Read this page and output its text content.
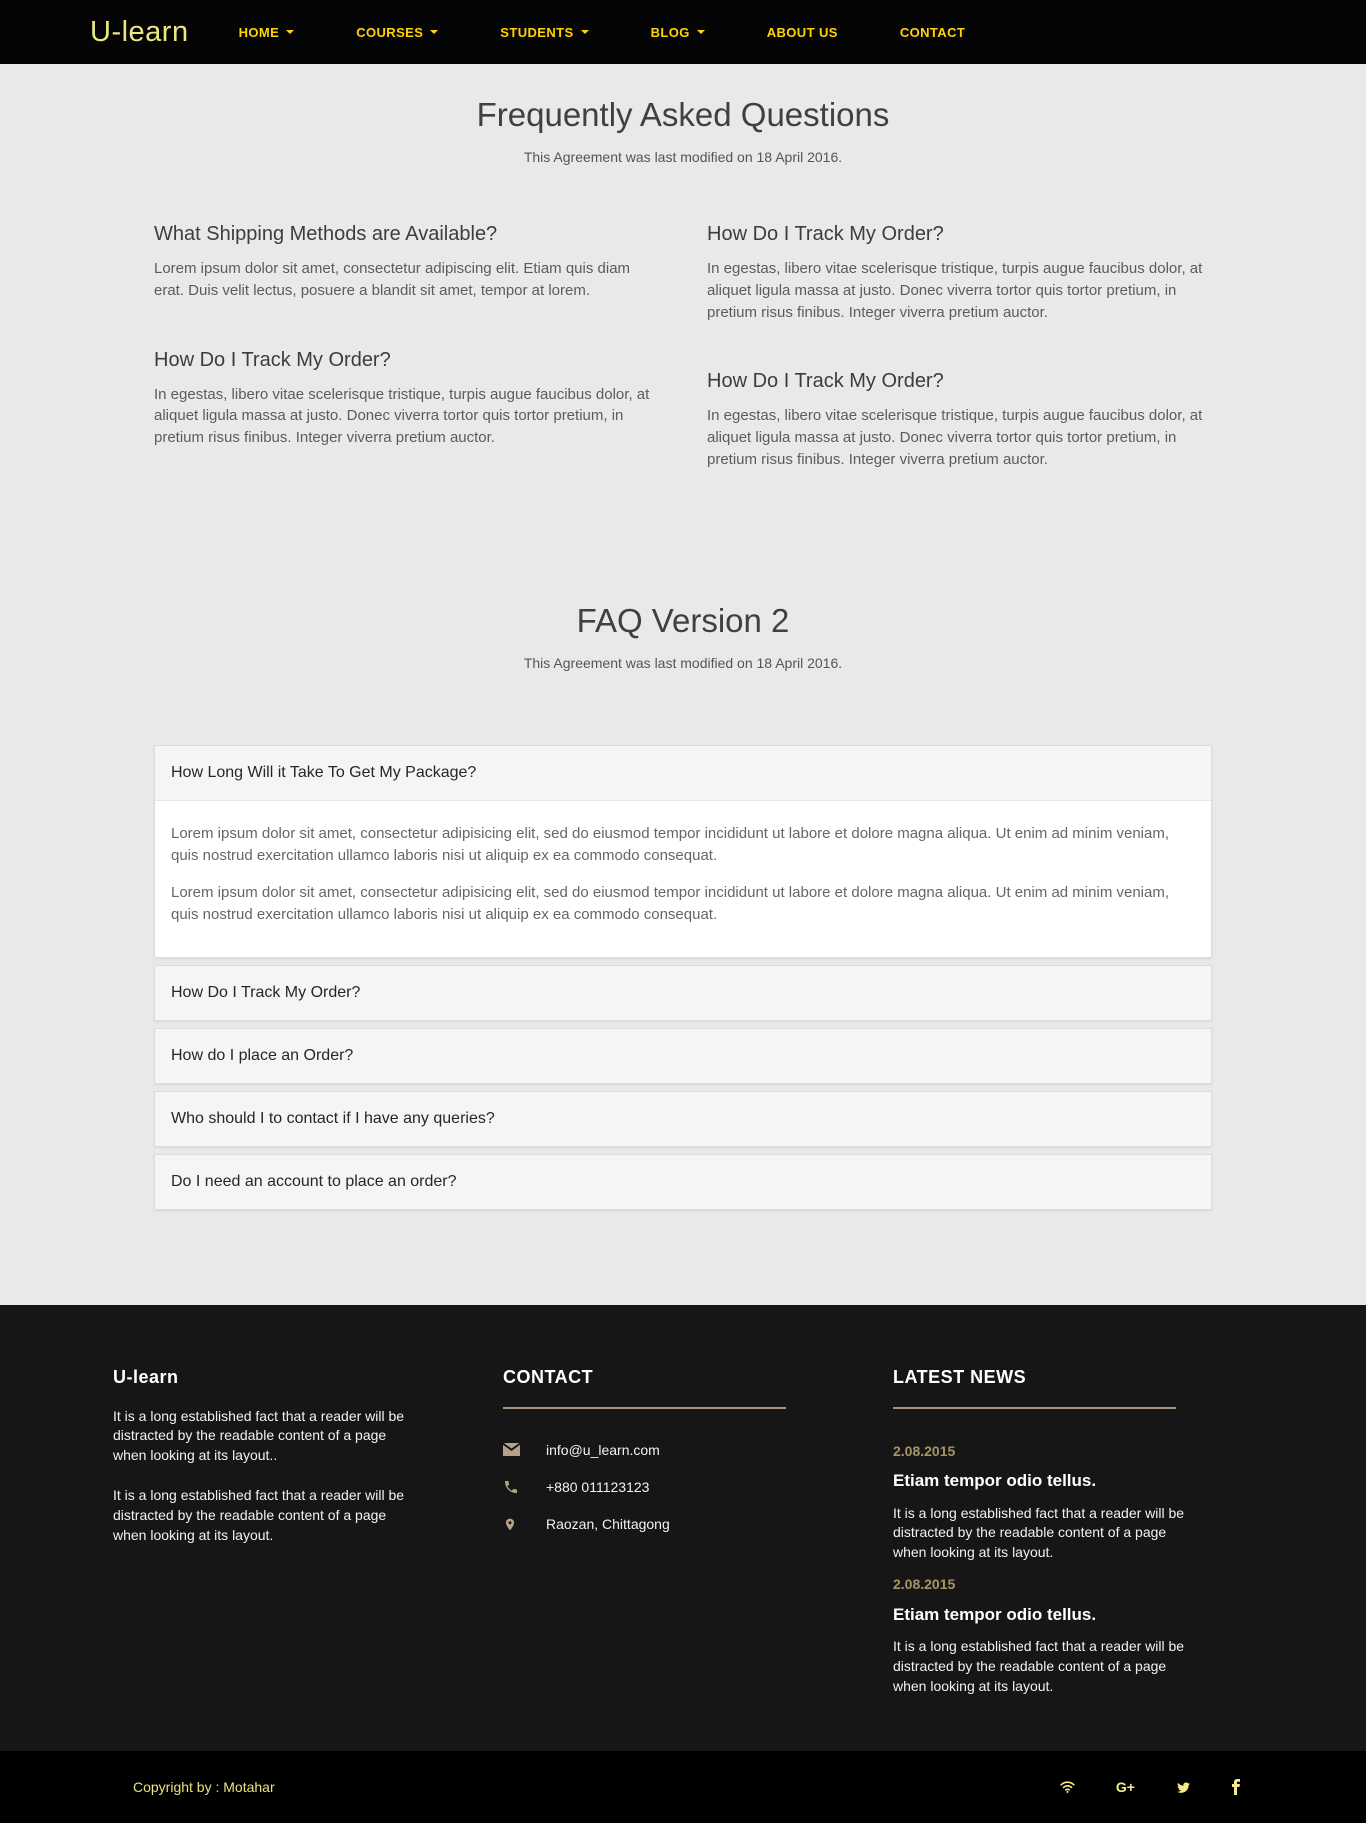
U-learn	HOME	COURSES	STUDENTS	BLOG	ABOUT US	CONTACT
Frequently Asked Questions

This Agreement was last modified on 18 April 2016.

What Shipping Methods are Available?

Lorem ipsum dolor sit amet, consectetur adipiscing elit. Etiam quis diam erat. Duis velit lectus, posuere a blandit sit amet, tempor at lorem.

How Do I Track My Order?

In egestas, libero vitae scelerisque tristique, turpis augue faucibus dolor, at aliquet ligula massa at justo. Donec viverra tortor quis tortor pretium, in pretium risus finibus. Integer viverra pretium auctor.

How Do I Track My Order?

In egestas, libero vitae scelerisque tristique, turpis augue faucibus dolor, at aliquet ligula massa at justo. Donec viverra tortor quis tortor pretium, in pretium risus finibus. Integer viverra pretium auctor.

How Do I Track My Order?

In egestas, libero vitae scelerisque tristique, turpis augue faucibus dolor, at aliquet ligula massa at justo. Donec viverra tortor quis tortor pretium, in pretium risus finibus. Integer viverra pretium auctor.

FAQ Version 2

This Agreement was last modified on 18 April 2016.

How Long Will it Take To Get My Package?

Lorem ipsum dolor sit amet, consectetur adipisicing elit, sed do eiusmod tempor incididunt ut labore et dolore magna aliqua. Ut enim ad minim veniam, quis nostrud exercitation ullamco laboris nisi ut aliquip ex ea commodo consequat.

Lorem ipsum dolor sit amet, consectetur adipisicing elit, sed do eiusmod tempor incididunt ut labore et dolore magna aliqua. Ut enim ad minim veniam, quis nostrud exercitation ullamco laboris nisi ut aliquip ex ea commodo consequat.

How Do I Track My Order?
How do I place an Order?
Who should I to contact if I have any queries?
Do I need an account to place an order?
U-learn

It is a long established fact that a reader will be distracted by the readable content of a page when looking at its layout..

It is a long established fact that a reader will be distracted by the readable content of a page when looking at its layout.

CONTACT
info@u_learn.com
+880 011123123
Raozan, Chittagong
LATEST NEWS

2.08.2015

Etiam tempor odio tellus.

It is a long established fact that a reader will be distracted by the readable content of a page when looking at its layout.

2.08.2015

Etiam tempor odio tellus.

It is a long established fact that a reader will be distracted by the readable content of a page when looking at its layout.

Copyright by : Motahar	G+
